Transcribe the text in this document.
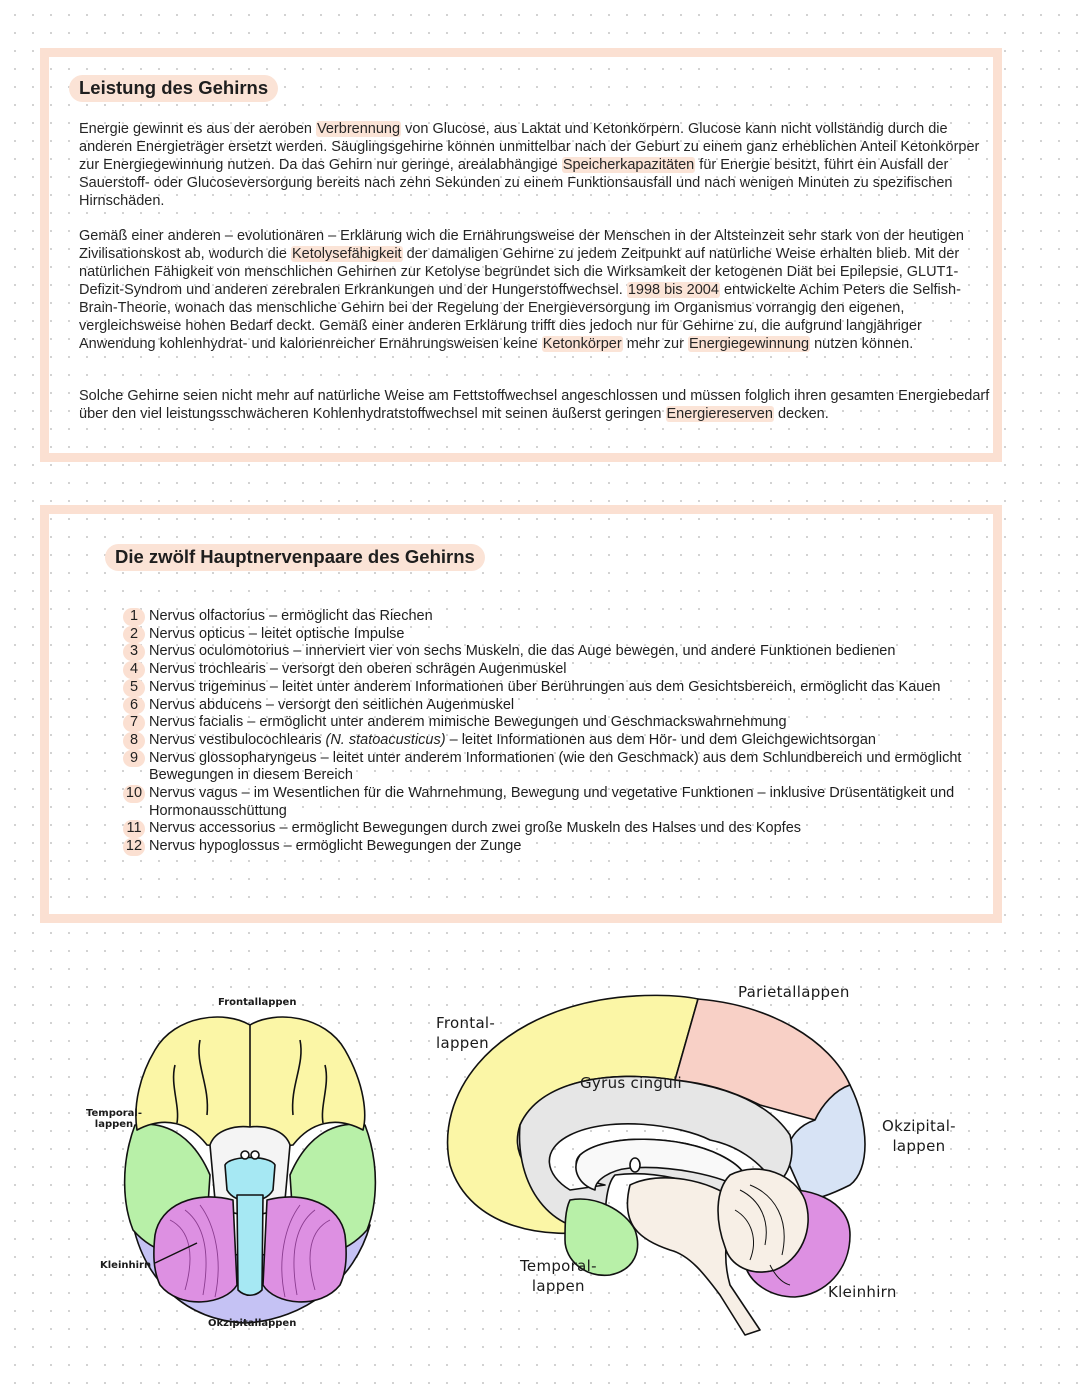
Leistung des Gehirns
Energie gewinnt es aus der aeroben Verbrennung von Glucose, aus Laktat und Ketonkörpern. Glucose kann nicht vollständig durch die anderen Energieträger ersetzt werden. Säuglingsgehirne können unmittelbar nach der Geburt zu einem ganz erheblichen Anteil Ketonkörper zur Energiegewinnung nutzen. Da das Gehirn nur geringe, arealabhängige Speicherkapazitäten für Energie besitzt, führt ein Ausfall der Sauerstoff- oder Glucoseversorgung bereits nach zehn Sekunden zu einem Funktionsausfall und nach wenigen Minuten zu spezifischen Hirnschäden.
Gemäß einer anderen – evolutionären – Erklärung wich die Ernährungsweise der Menschen in der Altsteinzeit sehr stark von der heutigen Zivilisationskost ab, wodurch die Ketolysefähigkeit der damaligen Gehirne zu jedem Zeitpunkt auf natürliche Weise erhalten blieb. Mit der natürlichen Fähigkeit von menschlichen Gehirnen zur Ketolyse begründet sich die Wirksamkeit der ketogenen Diät bei Epilepsie, GLUT1-Defizit-Syndrom und anderen zerebralen Erkrankungen und der Hungerstoffwechsel. 1998 bis 2004 entwickelte Achim Peters die Selfish-Brain-Theorie, wonach das menschliche Gehirn bei der Regelung der Energieversorgung im Organismus vorrangig den eigenen, vergleichsweise hohen Bedarf deckt. Gemäß einer anderen Erklärung trifft dies jedoch nur für Gehirne zu, die aufgrund langjähriger Anwendung kohlenhydrat- und kalorienreicher Ernährungsweisen keine Ketonkörper mehr zur Energiegewinnung nutzen können.
Solche Gehirne seien nicht mehr auf natürliche Weise am Fettstoffwechsel angeschlossen und müssen folglich ihren gesamten Energiebedarf über den viel leistungsschwächeren Kohlenhydratstoffwechsel mit seinen äußerst geringen Energiereserven decken.
Die zwölf Hauptnervenpaare des Gehirns
1 Nervus olfactorius – ermöglicht das Riechen
2 Nervus opticus – leitet optische Impulse
3 Nervus oculomotorius – innerviert vier von sechs Muskeln, die das Auge bewegen, und andere Funktionen bedienen
4 Nervus trochlearis – versorgt den oberen schrägen Augenmuskel
5 Nervus trigeminus – leitet unter anderem Informationen über Berührungen aus dem Gesichtsbereich, ermöglicht das Kauen
6 Nervus abducens – versorgt den seitlichen Augenmuskel
7 Nervus facialis – ermöglicht unter anderem mimische Bewegungen und Geschmackswahrnehmung
8 Nervus vestibulocochlearis (N. statoacusticus) – leitet Informationen aus dem Hör- und dem Gleichgewichtsorgan
9 Nervus glossopharyngeus – leitet unter anderem Informationen (wie den Geschmack) aus dem Schlundbereich und ermöglicht Bewegungen in diesem Bereich
10 Nervus vagus – im Wesentlichen für die Wahrnehmung, Bewegung und vegetative Funktionen – inklusive Drüsentätigkeit und Hormonausschüttung
11 Nervus accessorius – ermöglicht Bewegungen durch zwei große Muskeln des Halses und des Kopfes
12 Nervus hypoglossus – ermöglicht Bewegungen der Zunge
Frontallappen
Temporal-
lappen
Kleinhirn
Okzipitallappen
Frontal-
lappen
Parietallappen
Gyrus cinguli
Okzipital-
lappen
Temporal-
lappen	Kleinhirn
